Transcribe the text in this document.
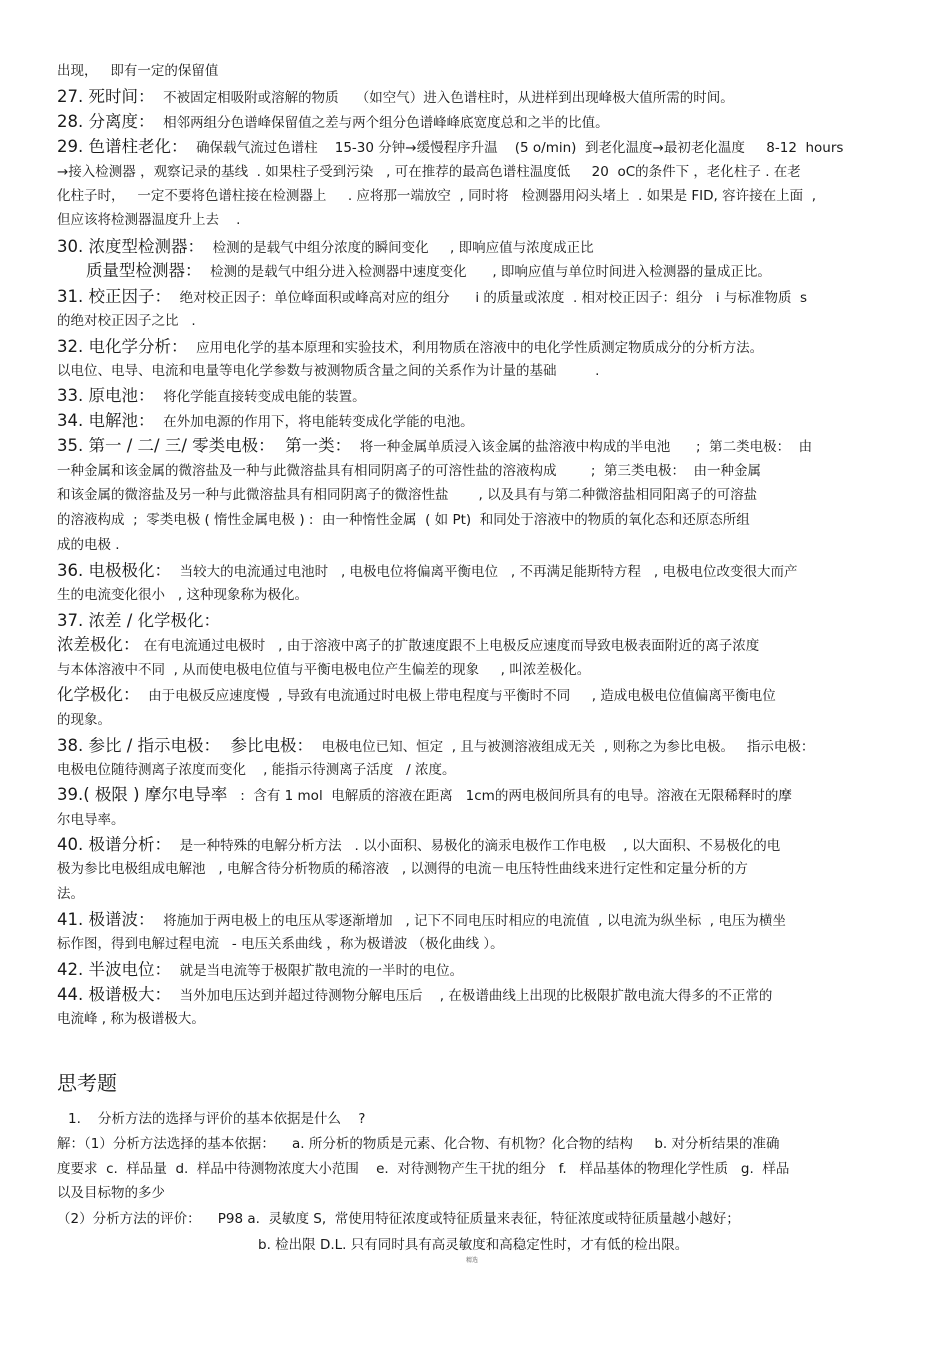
出现，   即有一定的保留值
27. 死时间：  不被固定相吸附或溶解的物质    （如空气）进入色谱柱时，从进样到出现峰极大值所需的时间。
28. 分离度：  相邻两组分色谱峰保留值之差与两个组分色谱峰峰底宽度总和之半的比值。
29. 色谱柱老化：  确保载气流过色谱柱    15-30 分钟→缓慢程序升温    (5 o/min)  到老化温度→最初老化温度     8-12  hours
→接入检测器 ，观察记录的基线  . 如果柱子受到污染   , 可在推荐的最高色谱柱温度低     20  oC的条件下 ，老化柱子 . 在老
化柱子时，   一定不要将色谱柱接在检测器上     . 应将那一端放空  , 同时将   检测器用闷头堵上  . 如果是 FID, 容许接在上面  ,
但应该将检测器温度升上去    .
30. 浓度型检测器：  检测的是载气中组分浓度的瞬间变化     , 即响应值与浓度成正比
质量型检测器：  检测的是载气中组分进入检测器中速度变化      , 即响应值与单位时间进入检测器的量成正比。
31. 校正因子：  绝对校正因子：单位峰面积或峰高对应的组分      i 的质量或浓度  . 相对校正因子：组分   i 与标准物质  s
的绝对校正因子之比   .
32. 电化学分析：  应用电化学的基本原理和实验技术，利用物质在溶液中的电化学性质测定物质成分的分析方法。
以电位、电导、电流和电量等电化学参数与被测物质含量之间的关系作为计量的基础         .
33. 原电池：  将化学能直接转变成电能的装置。
34. 电解池：  在外加电源的作用下，将电能转变成化学能的电池。
35. 第一 / 二/ 三/ 零类电极：  第一类：  将一种金属单质浸入该金属的盐溶液中构成的半电池      ;  第二类电极：  由
一种金属和该金属的微溶盐及一种与此微溶盐具有相同阴离子的可溶性盐的溶液构成        ;  第三类电极：  由一种金属
和该金属的微溶盐及另一种与此微溶盐具有相同阴离子的微溶性盐       , 以及具有与第二种微溶盐相同阳离子的可溶盐
的溶液构成  ;  零类电极 ( 惰性金属电极 ) :  由一种惰性金属  ( 如 Pt)  和同处于溶液中的物质的氧化态和还原态所组
成的电极 .
36. 电极极化：  当较大的电流通过电池时   , 电极电位将偏离平衡电位   , 不再满足能斯特方程   , 电极电位改变很大而产
生的电流变化很小   , 这种现象称为极化。
37. 浓差 / 化学极化：
浓差极化： 在有电流通过电极时   , 由于溶液中离子的扩散速度跟不上电极反应速度而导致电极表面附近的离子浓度
与本体溶液中不同  , 从而使电极电位值与平衡电极电位产生偏差的现象     , 叫浓差极化。
化学极化：  由于电极反应速度慢  , 导致有电流通过时电极上带电程度与平衡时不同     , 造成电极电位值偏离平衡电位
的现象。
38. 参比 / 指示电极：  参比电极：  电极电位已知、恒定  , 且与被测溶液组成无关  , 则称之为参比电极。   指示电极：
电极电位随待测离子浓度而变化    , 能指示待测离子活度   / 浓度。
39.( 极限 ) 摩尔电导率   :  含有 1 mol  电解质的溶液在距离   1cm的两电极间所具有的电导。溶液在无限稀释时的摩
尔电导率。
40. 极谱分析：  是一种特殊的电解分析方法   . 以小面积、易极化的滴汞电极作工作电极    , 以大面积、不易极化的电
极为参比电极组成电解池   , 电解含待分析物质的稀溶液   , 以测得的电流－电压特性曲线来进行定性和定量分析的方
法。
41. 极谱波：  将施加于两电极上的电压从零逐渐增加   , 记下不同电压时相应的电流值  , 以电流为纵坐标  , 电压为横坐
标作图，得到电解过程电流   - 电压关系曲线 ，称为极谱波 （极化曲线 ）。
42. 半波电位：  就是当电流等于极限扩散电流的一半时的电位。
44. 极谱极大：  当外加电压达到并超过待测物分解电压后    , 在极谱曲线上出现的比极限扩散电流大得多的不正常的
电流峰 , 称为极谱极大。
1.    分析方法的选择与评价的基本依据是什么    ?
解：（1）分析方法选择的基本依据：    a. 所分析的物质是元素、化合物、有机物？化合物的结构     b. 对分析结果的准确
度要求  c.  样品量  d.  样品中待测物浓度大小范围    e.  对待测物产生干扰的组分   f.   样品基体的物理化学性质   g.  样品
以及目标物的多少
（2）分析方法的评价：    P98 a.  灵敏度 S,  常使用特征浓度或特征质量来表征，特征浓度或特征质量越小越好；
b. 检出限 D.L. 只有同时具有高灵敏度和高稳定性时，才有低的检出限。
思考题
精选
